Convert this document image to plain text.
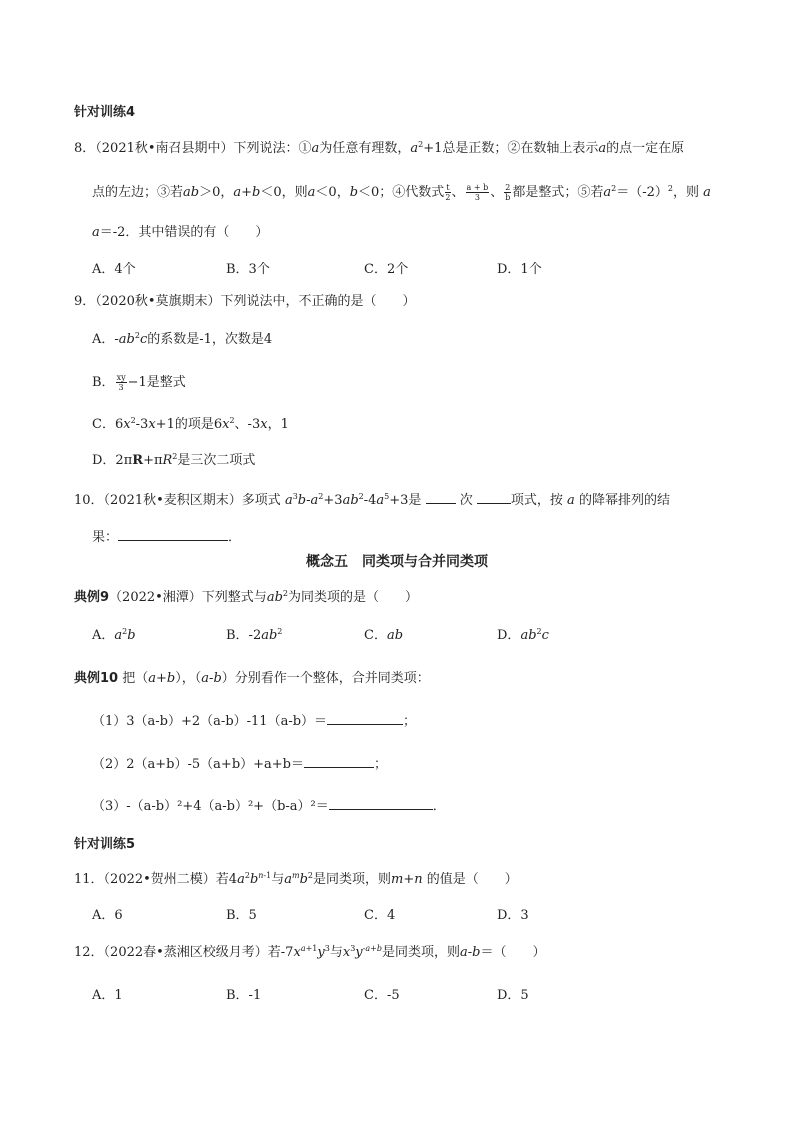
针对训练4
8．（2021秋•南召县期中）下列说法：①a为任意有理数，$a^2+1$总是正数；②在数轴上表示a的点一定在原
点的左边；③若ab＞0，a+b＜0，则a＜0，b＜0；④代数式 $\frac{t}{2}$ 、 $\frac{a + b}{3}$ 、 $\frac{2}{b}$ 都是整式；⑤若$a^2=(-2)^2$，则 a
a＝-2．其中错误的有（　　）
A．4个	B．3个	C．2个	D．1个
9．（2020秋•莫旗期末）下列说法中，不正确的是（　　）
A．$-ab^2c$的系数是-1，次数是4
B． $\frac{xy}{3} -1$是整式
C．$6x^2-3x+1$的项是$6x^2$、-3x，1
D．$2\pi R+\pi R^2$是三次二项式
10．（2021秋•麦积区期末）多项式 $a^3b-a^2+3ab^2-4a^5+3$是	次	项式，按 a 的降幂排列的结
果：	．
概念五　同类项与合并同类项
典例9（2022•湘潭）下列整式与$ab^2$为同类项的是（　　）
A．$a^2b$	B．$-2ab^2$	C．ab	D．$ab^2c$
典例10 把（a+b），（a-b）分别看作一个整体，合并同类项：
（1）3（a-b）+2（a-b）-11（a-b）＝	；
（2）2（a+b）-5（a+b）+a+b＝	；
（3）-（a-b）²+4（a-b）²+（b-a）²＝	．
针对训练5
11．（2022•贺州二模）若$4a^2b^{n-1}$与$a^mb^2$是同类项，则m+n 的值是（　　）
A．6	B．5	C．4	D．3
12．（2022春•蒸湘区校级月考）若$-7x^{a+1}y^3$与$x^3y^{-a+b}$是同类项，则a-b＝（　　）
A．1	B．-1	C．-5	D．5
